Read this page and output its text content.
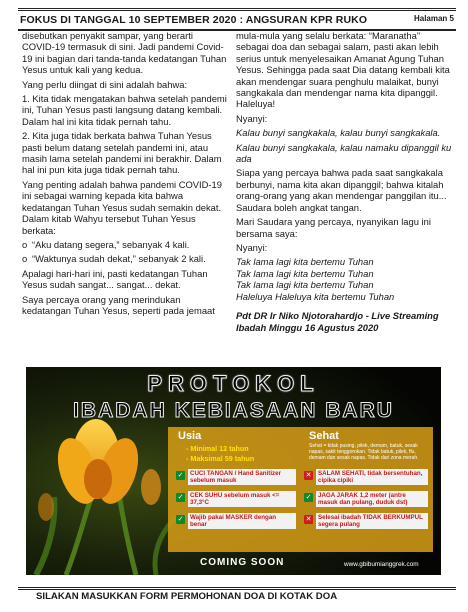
FOKUS DI TANGGAL 10 SEPTEMBER 2020 : ANGSURAN KPR RUKO	Halaman 5

disebutkan penyakit sampar, yang berarti COVID-19 termasuk di sini. Jadi pandemi Covid-19 ini bagian dari tanda-tanda kedatangan Tuhan Yesus untuk kali yang kedua.

Yang perlu diingat di sini adalah bahwa:

1. Kita tidak mengatakan bahwa setelah pandemi ini, Tuhan Yesus pasti langsung datang kembali. Dalam hal ini kita tidak pernah tahu.

2. Kita juga tidak berkata bahwa Tuhan Yesus pasti belum datang setelah pandemi ini, atau masih lama setelah pandemi ini berakhir. Dalam hal ini pun kita juga tidak pernah tahu.

Yang penting adalah bahwa pandemi COVID-19 ini sebagai warning kepada kita bahwa kedatangan Tuhan Yesus sudah semakin dekat. Dalam kitab Wahyu tersebut Tuhan Yesus berkata:

o “Aku datang segera,” sebanyak 4 kali.

o “Waktunya sudah dekat,” sebanyak 2 kali.

Apalagi hari-hari ini, pasti kedatangan Tuhan Yesus sudah sangat... sangat... dekat.

Saya percaya orang yang merindukan kedatangan Tuhan Yesus, seperti pada jemaat

mula-mula yang selalu berkata: “Maranatha” sebagai doa dan sebagai salam, pasti akan lebih serius untuk menyelesaikan Amanat Agung Tuhan Yesus. Sehingga pada saat Dia datang kembali kita akan mendengar suara penghulu malaikat, bunyi sangkakala dan mendengar nama kita dipanggil. Haleluya!

Nyanyi:

Kalau bunyi sangkakala, kalau bunyi sangkakala.

Kalau bunyi sangkakala, kalau namaku dipanggil ku ada

Siapa yang percaya bahwa pada saat sangkakala berbunyi, nama kita akan dipanggil; bahwa kitalah orang-orang yang akan mendengar panggilan itu... Saudara boleh angkat tangan.

Mari Saudara yang percaya, nyanyikan lagu ini bersama saya:

Nyanyi:

Tak lama lagi kita bertemu Tuhan
Tak lama lagi kita bertemu Tuhan
Tak lama lagi kita bertemu Tuhan
Haleluya Haleluya kita bertemu Tuhan

Pdt DR Ir Niko Njotorahardjo - Live Streaming Ibadah Minggu 16 Agustus 2020

PROTOKOL
IBADAH KEBIASAAN BARU
Usia
- Minimal 12 tahun
- Maksimal 59 tahun
Sehat
Sehat = tidak pusing, pilek, demam, batuk, sesak napas, sakit tenggorokan. Tidak batuk, pilek, flu, demam dan sesak napas. Tidak dari zona merah.
✓	CUCI TANGAN / Hand Sanitizer sebelum masuk
✓	CEK SUHU sebelum masuk <= 37,3°C
✓	Wajib pakai MASKER dengan benar
✕	SALAM SEHATI, tidak bersentuhan, cipika cipiki
✓	JAGA JARAK 1,2 meter (antre masuk dan pulang, duduk dst)
✕	Selesai ibadah TIDAK BERKUMPUL segera pulang
COMING SOON	www.gbibumianggrek.com
SILAKAN MASUKKAN FORM PERMOHONAN DOA DI KOTAK DOA
